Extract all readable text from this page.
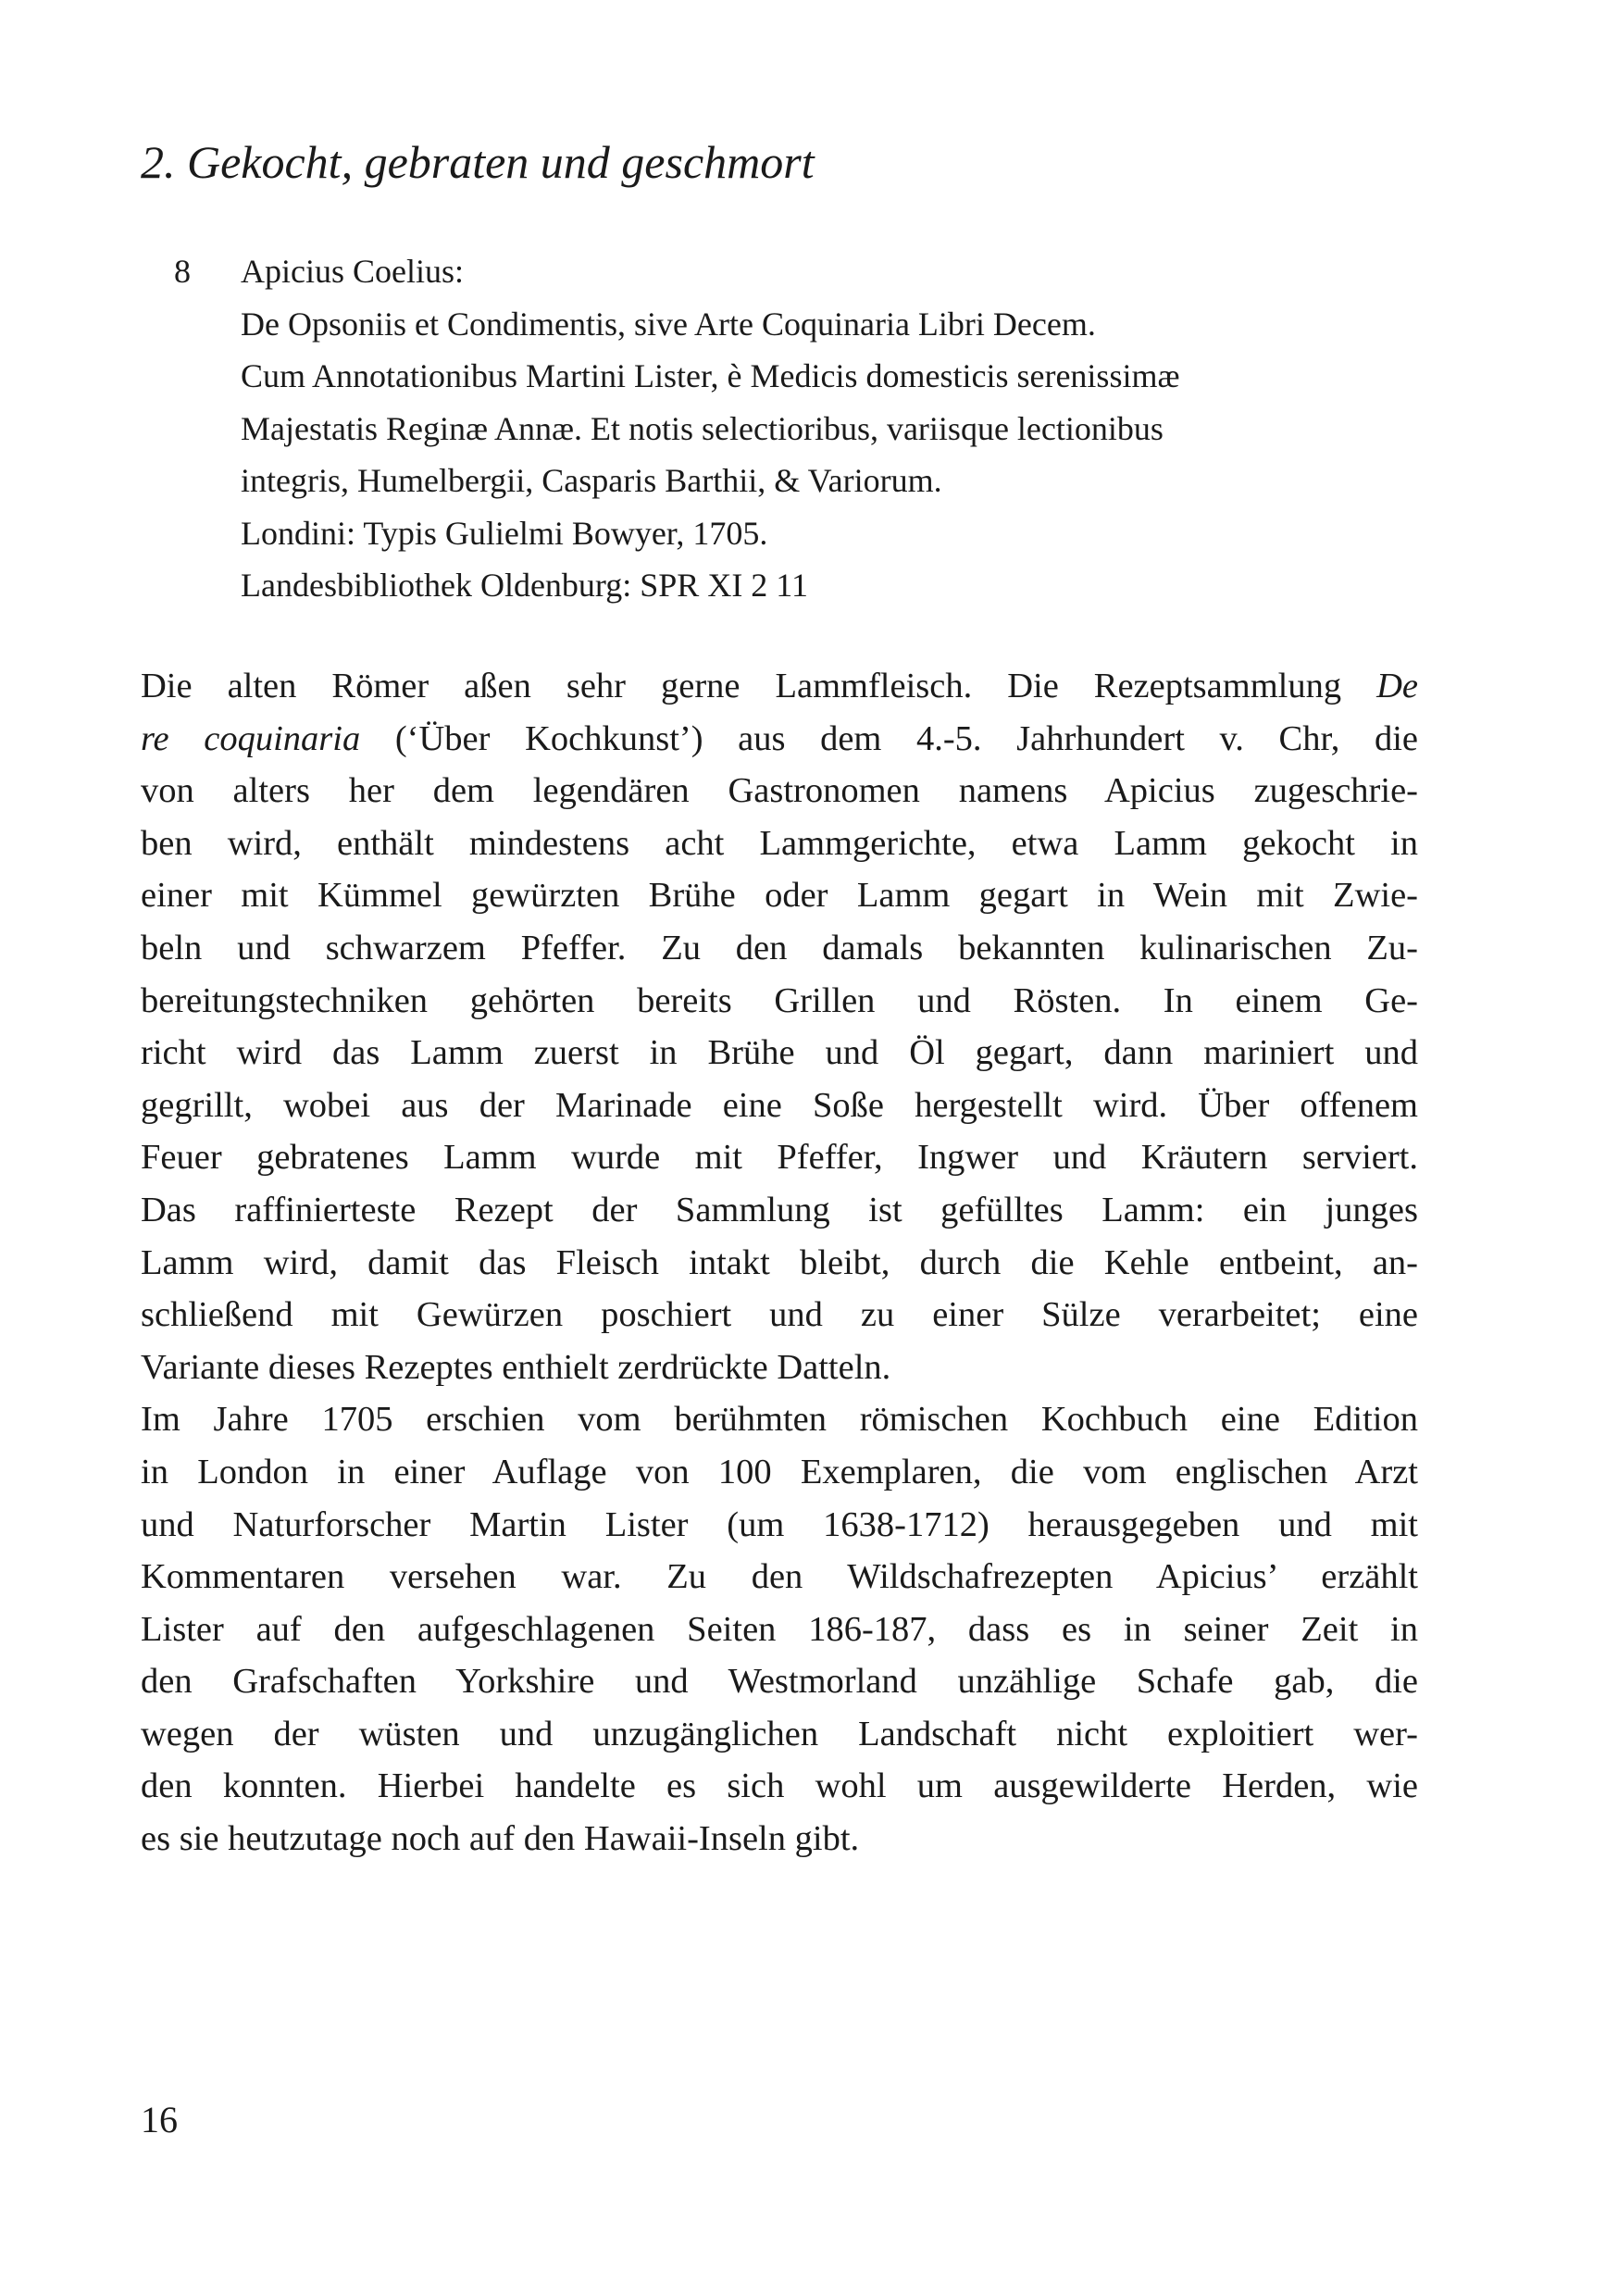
2. Gekocht, gebraten und geschmort
8 Apicius Coelius:
De Opsoniis et Condimentis, sive Arte Coquinaria Libri Decem.
Cum Annotationibus Martini Lister, è Medicis domesticis serenissimæ
Majestatis Reginæ Annæ. Et notis selectioribus, variisque lectionibus
integris, Humelbergii, Casparis Barthii, & Variorum.
Londini: Typis Gulielmi Bowyer, 1705.
Landesbibliothek Oldenburg: SPR XI 2 11
Die alten Römer aßen sehr gerne Lammfleisch. Die Rezeptsammlung De
re coquinaria (‘Über Kochkunst’) aus dem 4.-5. Jahrhundert v. Chr, die
von alters her dem legendären Gastronomen namens Apicius zugeschrie-
ben wird, enthält mindestens acht Lammgerichte, etwa Lamm gekocht in
einer mit Kümmel gewürzten Brühe oder Lamm gegart in Wein mit Zwie-
beln und schwarzem Pfeffer. Zu den damals bekannten kulinarischen Zu-
bereitungstechniken gehörten bereits Grillen und Rösten. In einem Ge-
richt wird das Lamm zuerst in Brühe und Öl gegart, dann mariniert und
gegrillt, wobei aus der Marinade eine Soße hergestellt wird. Über offenem
Feuer gebratenes Lamm wurde mit Pfeffer, Ingwer und Kräutern serviert.
Das raffinierteste Rezept der Sammlung ist gefülltes Lamm: ein junges
Lamm wird, damit das Fleisch intakt bleibt, durch die Kehle entbeint, an-
schließend mit Gewürzen poschiert und zu einer Sülze verarbeitet; eine
Variante dieses Rezeptes enthielt zerdrückte Datteln.
Im Jahre 1705 erschien vom berühmten römischen Kochbuch eine Edition
in London in einer Auflage von 100 Exemplaren, die vom englischen Arzt
und Naturforscher Martin Lister (um 1638-1712) herausgegeben und mit
Kommentaren versehen war. Zu den Wildschafrezepten Apicius’ erzählt
Lister auf den aufgeschlagenen Seiten 186-187, dass es in seiner Zeit in
den Grafschaften Yorkshire und Westmorland unzählige Schafe gab, die
wegen der wüsten und unzugänglichen Landschaft nicht exploitiert wer-
den konnten. Hierbei handelte es sich wohl um ausgewilderte Herden, wie
es sie heutzutage noch auf den Hawaii-Inseln gibt.
16
